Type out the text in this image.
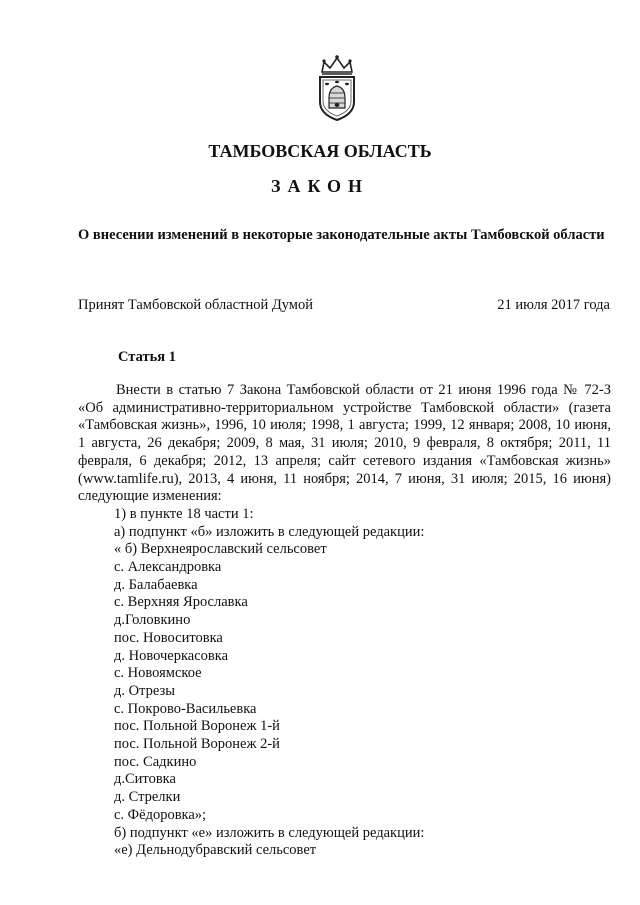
ТАМБОВСКАЯ ОБЛАСТЬ
ЗАКОН
О внесении изменений в некоторые законодательные акты Тамбовской области
Принят Тамбовской областной Думой	21 июля 2017 года
Статья 1

Внести в статью 7 Закона Тамбовской области от 21 июня 1996 года № 72-З «Об административно-территориальном устройстве Тамбовской области» (газета «Тамбовская жизнь», 1996, 10 июля; 1998, 1 августа; 1999, 12 января; 2008, 10 июня, 1 августа, 26 декабря; 2009, 8 мая, 31 июля; 2010, 9 февраля, 8 октября; 2011, 11 февраля, 6 декабря; 2012, 13 апреля; сайт сетевого издания «Тамбовская жизнь» (www.tamlife.ru), 2013, 4 июня, 11 ноября; 2014, 7 июня, 31 июля; 2015, 16 июня) следующие изменения:

1) в пункте 18 части 1:

а) подпункт «б» изложить в следующей редакции:

« б) Верхнеярославский сельсовет

с. Александровка

д. Балабаевка

с. Верхняя Ярославка

д.Головкино

пос. Новоситовка

д. Новочеркасовка

с. Новоямское

д. Отрезы

с. Покрово-Васильевка

пос. Польной Воронеж 1-й

пос. Польной Воронеж 2-й

пос. Садкино

д.Ситовка

д. Стрелки

с. Фёдоровка»;

б) подпункт «е» изложить в следующей редакции:

«е) Дельнодубравский сельсовет
